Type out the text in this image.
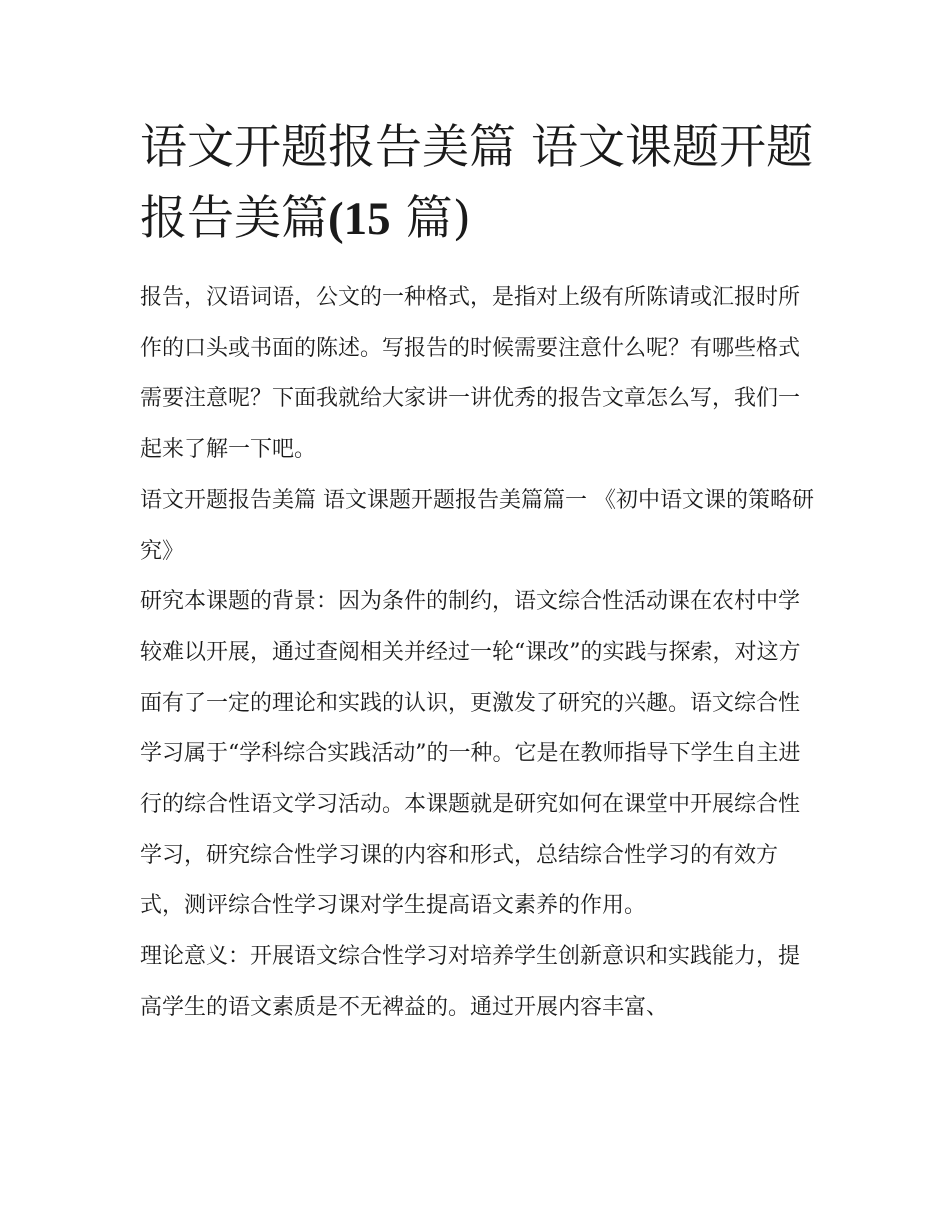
语文开题报告美篇 语文课题开题报告美篇(15 篇)

报告，汉语词语，公文的一种格式，是指对上级有所陈请或汇报时所作的口头或书面的陈述。写报告的时候需要注意什么呢？有哪些格式需要注意呢？下面我就给大家讲一讲优秀的报告文章怎么写，我们一起来了解一下吧。

语文开题报告美篇 语文课题开题报告美篇篇一 《初中语文课的策略研究》

研究本课题的背景：因为条件的制约，语文综合性活动课在农村中学较难以开展，通过查阅相关并经过一轮“课改”的实践与探索，对这方面有了一定的理论和实践的认识，更激发了研究的兴趣。语文综合性学习属于“学科综合实践活动”的一种。它是在教师指导下学生自主进行的综合性语文学习活动。本课题就是研究如何在课堂中开展综合性学习，研究综合性学习课的内容和形式，总结综合性学习的有效方式，测评综合性学习课对学生提高语文素养的作用。

理论意义：开展语文综合性学习对培养学生创新意识和实践能力，提高学生的语文素质是不无裨益的。通过开展内容丰富、
